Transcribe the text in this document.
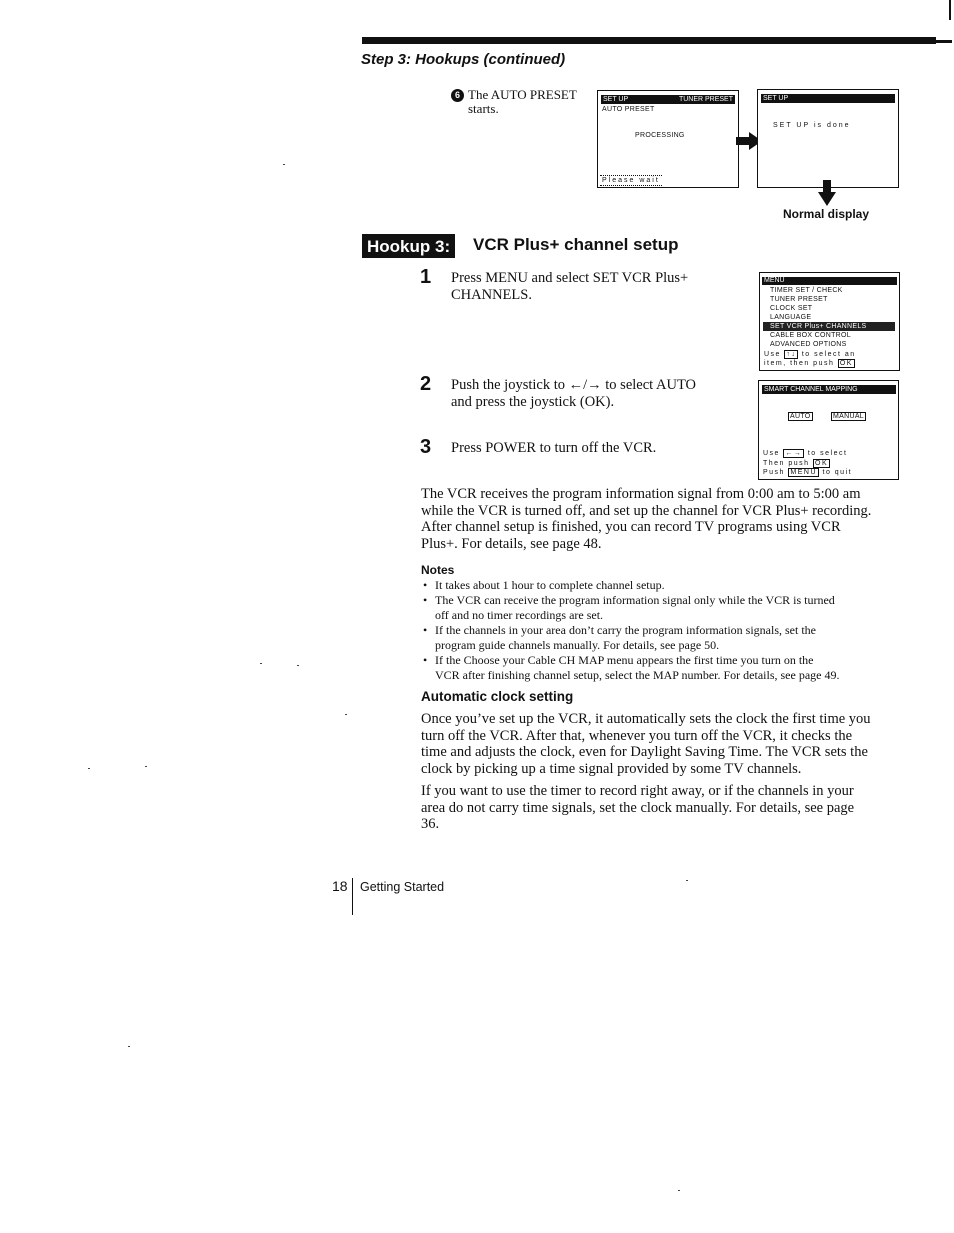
Step 3: Hookups (continued)
6 The AUTO PRESET
starts.
SET UP	TUNER PRESET
AUTO PRESET
PROCESSING
Please wait
SET UP
SET UP is done
Normal display
Hookup 3: VCR Plus+ channel setup
1 Press MENU and select SET VCR Plus+
CHANNELS.
2 Push the joystick to ←/→ to select AUTO
and press the joystick (OK).
3 Press POWER to turn off the VCR.
MENU
TIMER SET / CHECK
TUNER PRESET
CLOCK SET
LANGUAGE
SET VCR Plus+ CHANNELS
CABLE BOX CONTROL
ADVANCED OPTIONS
Use ↑↓ to select an
item, then push OK
SMART CHANNEL MAPPING
AUTO	MANUAL
Use ←→ to select
Then push OK
Push MENU to quit
The VCR receives the program information signal from 0:00 am to 5:00 am
while the VCR is turned off, and set up the channel for VCR Plus+ recording.
After channel setup is finished, you can record TV programs using VCR
Plus+. For details, see page 48.
Notes
• It takes about 1 hour to complete channel setup.
• The VCR can receive the program information signal only while the VCR is turned
off and no timer recordings are set.
• If the channels in your area don’t carry the program information signals, set the
program guide channels manually. For details, see page 50.
• If the Choose your Cable CH MAP menu appears the first time you turn on the
VCR after finishing channel setup, select the MAP number. For details, see page 49.
Automatic clock setting
Once you’ve set up the VCR, it automatically sets the clock the first time you
turn off the VCR. After that, whenever you turn off the VCR, it checks the
time and adjusts the clock, even for Daylight Saving Time. The VCR sets the
clock by picking up a time signal provided by some TV channels.
If you want to use the timer to record right away, or if the channels in your
area do not carry time signals, set the clock manually. For details, see page
36.
18 Getting Started
